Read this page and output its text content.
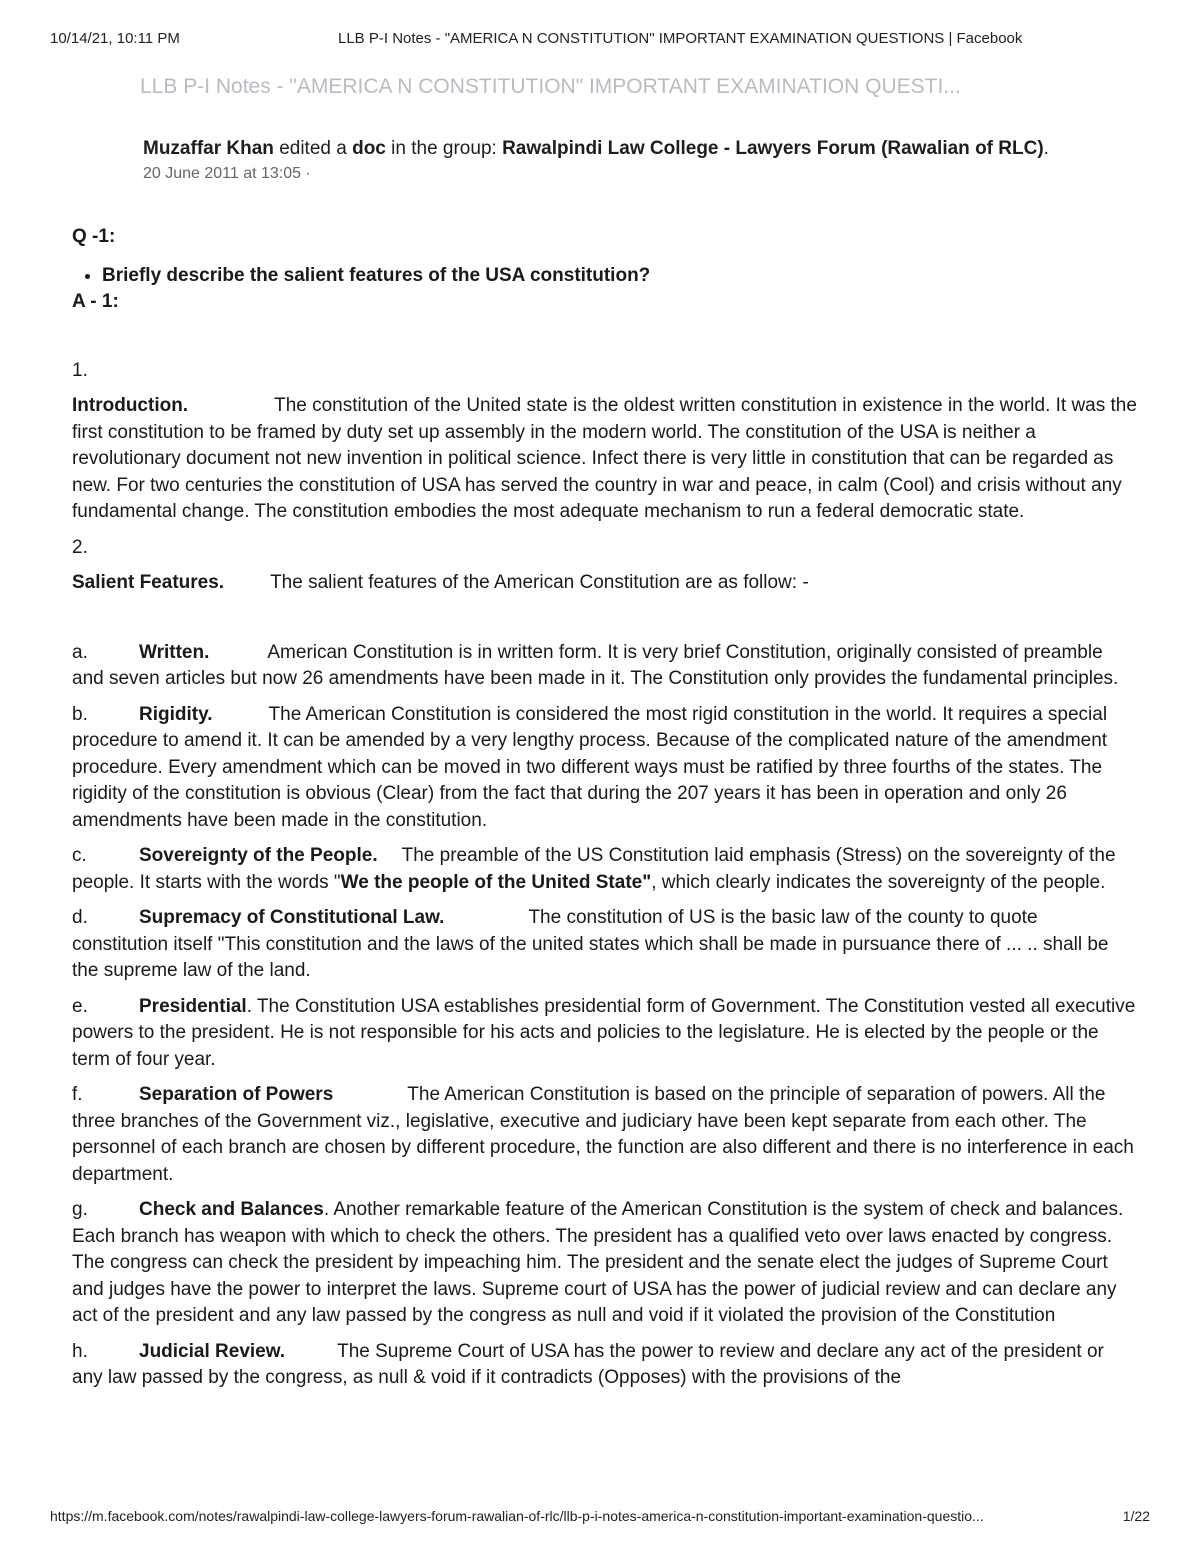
10/14/21, 10:11 PM	LLB P-I Notes - "AMERICA N CONSTITUTION" IMPORTANT EXAMINATION QUESTIONS | Facebook
LLB P-I Notes - "AMERICA N CONSTITUTION" IMPORTANT EXAMINATION QUESTI...
Muzaffar Khan edited a doc in the group: Rawalpindi Law College - Lawyers Forum (Rawalian of RLC).
20 June 2011 at 13:05 ·

Q -1:

• Briefly describe the salient features of the USA constitution?

A - 1:

1.

Introduction.	The constitution of the United state is the oldest written constitution in existence in the world. It was the first constitution to be framed by duty set up assembly in the modern world. The constitution of the USA is neither a revolutionary document not new invention in political science. Infect there is very little in constitution that can be regarded as new. For two centuries the constitution of USA has served the country in war and peace, in calm (Cool) and crisis without any fundamental change. The constitution embodies the most adequate mechanism to run a federal democratic state.

2.

Salient Features. The salient features of the American Constitution are as follow: -

a.	Written.	American Constitution is in written form. It is very brief Constitution, originally consisted of preamble and seven articles but now 26 amendments have been made in it. The Constitution only provides the fundamental principles.

b.	Rigidity.	The American Constitution is considered the most rigid constitution in the world. It requires a special procedure to amend it. It can be amended by a very lengthy process. Because of the complicated nature of the amendment procedure. Every amendment which can be moved in two different ways must be ratified by three fourths of the states. The rigidity of the constitution is obvious (Clear) from the fact that during the 207 years it has been in operation and only 26 amendments have been made in the constitution.

c.	Sovereignty of the People. The preamble of the US Constitution laid emphasis (Stress) on the sovereignty of the people. It starts with the words "We the people of the United State", which clearly indicates the sovereignty of the people.

d.	Supremacy of Constitutional Law.	The constitution of US is the basic law of the county to quote constitution itself "This constitution and the laws of the united states which shall be made in pursuance there of ... .. shall be the supreme law of the land.

e.	Presidential. The Constitution USA establishes presidential form of Government. The Constitution vested all executive powers to the president. He is not responsible for his acts and policies to the legislature. He is elected by the people or the term of four year.

f.	Separation of Powers	The American Constitution is based on the principle of separation of powers. All the three branches of the Government viz., legislative, executive and judiciary have been kept separate from each other. The personnel of each branch are chosen by different procedure, the function are also different and there is no interference in each department.

g.	Check and Balances. Another remarkable feature of the American Constitution is the system of check and balances. Each branch has weapon with which to check the others. The president has a qualified veto over laws enacted by congress. The congress can check the president by impeaching him. The president and the senate elect the judges of Supreme Court and judges have the power to interpret the laws. Supreme court of USA has the power of judicial review and can declare any act of the president and any law passed by the congress as null and void if it violated the provision of the Constitution

h.	Judicial Review.	The Supreme Court of USA has the power to review and declare any act of the president or any law passed by the congress, as null & void if it contradicts (Opposes) with the provisions of the

https://m.facebook.com/notes/rawalpindi-law-college-lawyers-forum-rawalian-of-rlc/llb-p-i-notes-america-n-constitution-important-examination-questio...	1/22
